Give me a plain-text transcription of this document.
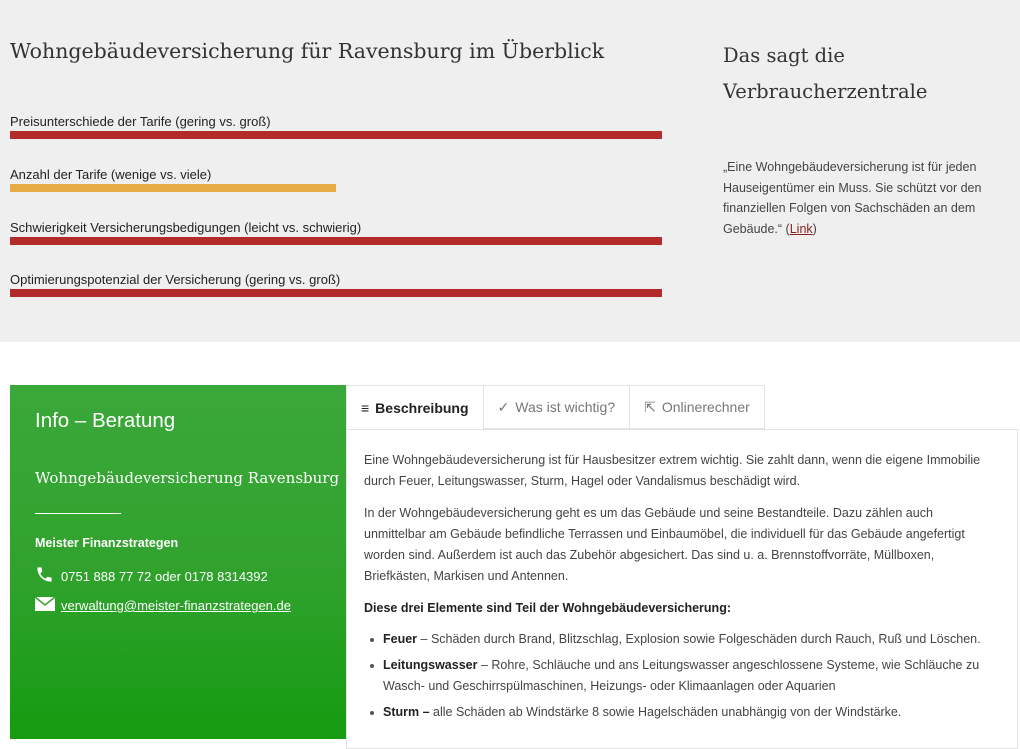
Wohngebäudeversicherung für Ravensburg im Überblick
Preisunterschiede der Tarife (gering vs. groß)
Anzahl der Tarife (wenige vs. viele)
Schwierigkeit Versicherungsbedigungen (leicht vs. schwierig)
Optimierungspotenzial der Versicherung (gering vs. groß)
Das sagt die Verbraucherzentrale
„Eine Wohngebäudeversicherung ist für jeden Hauseigentümer ein Muss. Sie schützt vor den finanziellen Folgen von Sachschäden an dem Gebäude.“ (Link)
Info – Beratung
Wohngebäudeversicherung Ravensburg
Meister Finanzstrategen
0751 888 77 72 oder 0178 8314392
verwaltung@meister-finanzstrategen.de
≡ Beschreibung ✓ Was ist wichtig? ⇱ Onlinerechner

Eine Wohngebäudeversicherung ist für Hausbesitzer extrem wichtig. Sie zahlt dann, wenn die eigene Immobilie durch Feuer, Leitungswasser, Sturm, Hagel oder Vandalismus beschädigt wird.

In der Wohngebäudeversicherung geht es um das Gebäude und seine Bestandteile. Dazu zählen auch unmittelbar am Gebäude befindliche Terrassen und Einbaumöbel, die individuell für das Gebäude angefertigt worden sind. Außerdem ist auch das Zubehör abgesichert. Das sind u. a. Brennstoffvorräte, Müllboxen, Briefkästen, Markisen und Antennen.

Diese drei Elemente sind Teil der Wohngebäudeversicherung:

Feuer – Schäden durch Brand, Blitzschlag, Explosion sowie Folgeschäden durch Rauch, Ruß und Löschen.
Leitungswasser – Rohre, Schläuche und ans Leitungswasser angeschlossene Systeme, wie Schläuche zu Wasch- und Geschirrspülmaschinen, Heizungs- oder Klimaanlagen oder Aquarien
Sturm – alle Schäden ab Windstärke 8 sowie Hagelschäden unabhängig von der Windstärke.
